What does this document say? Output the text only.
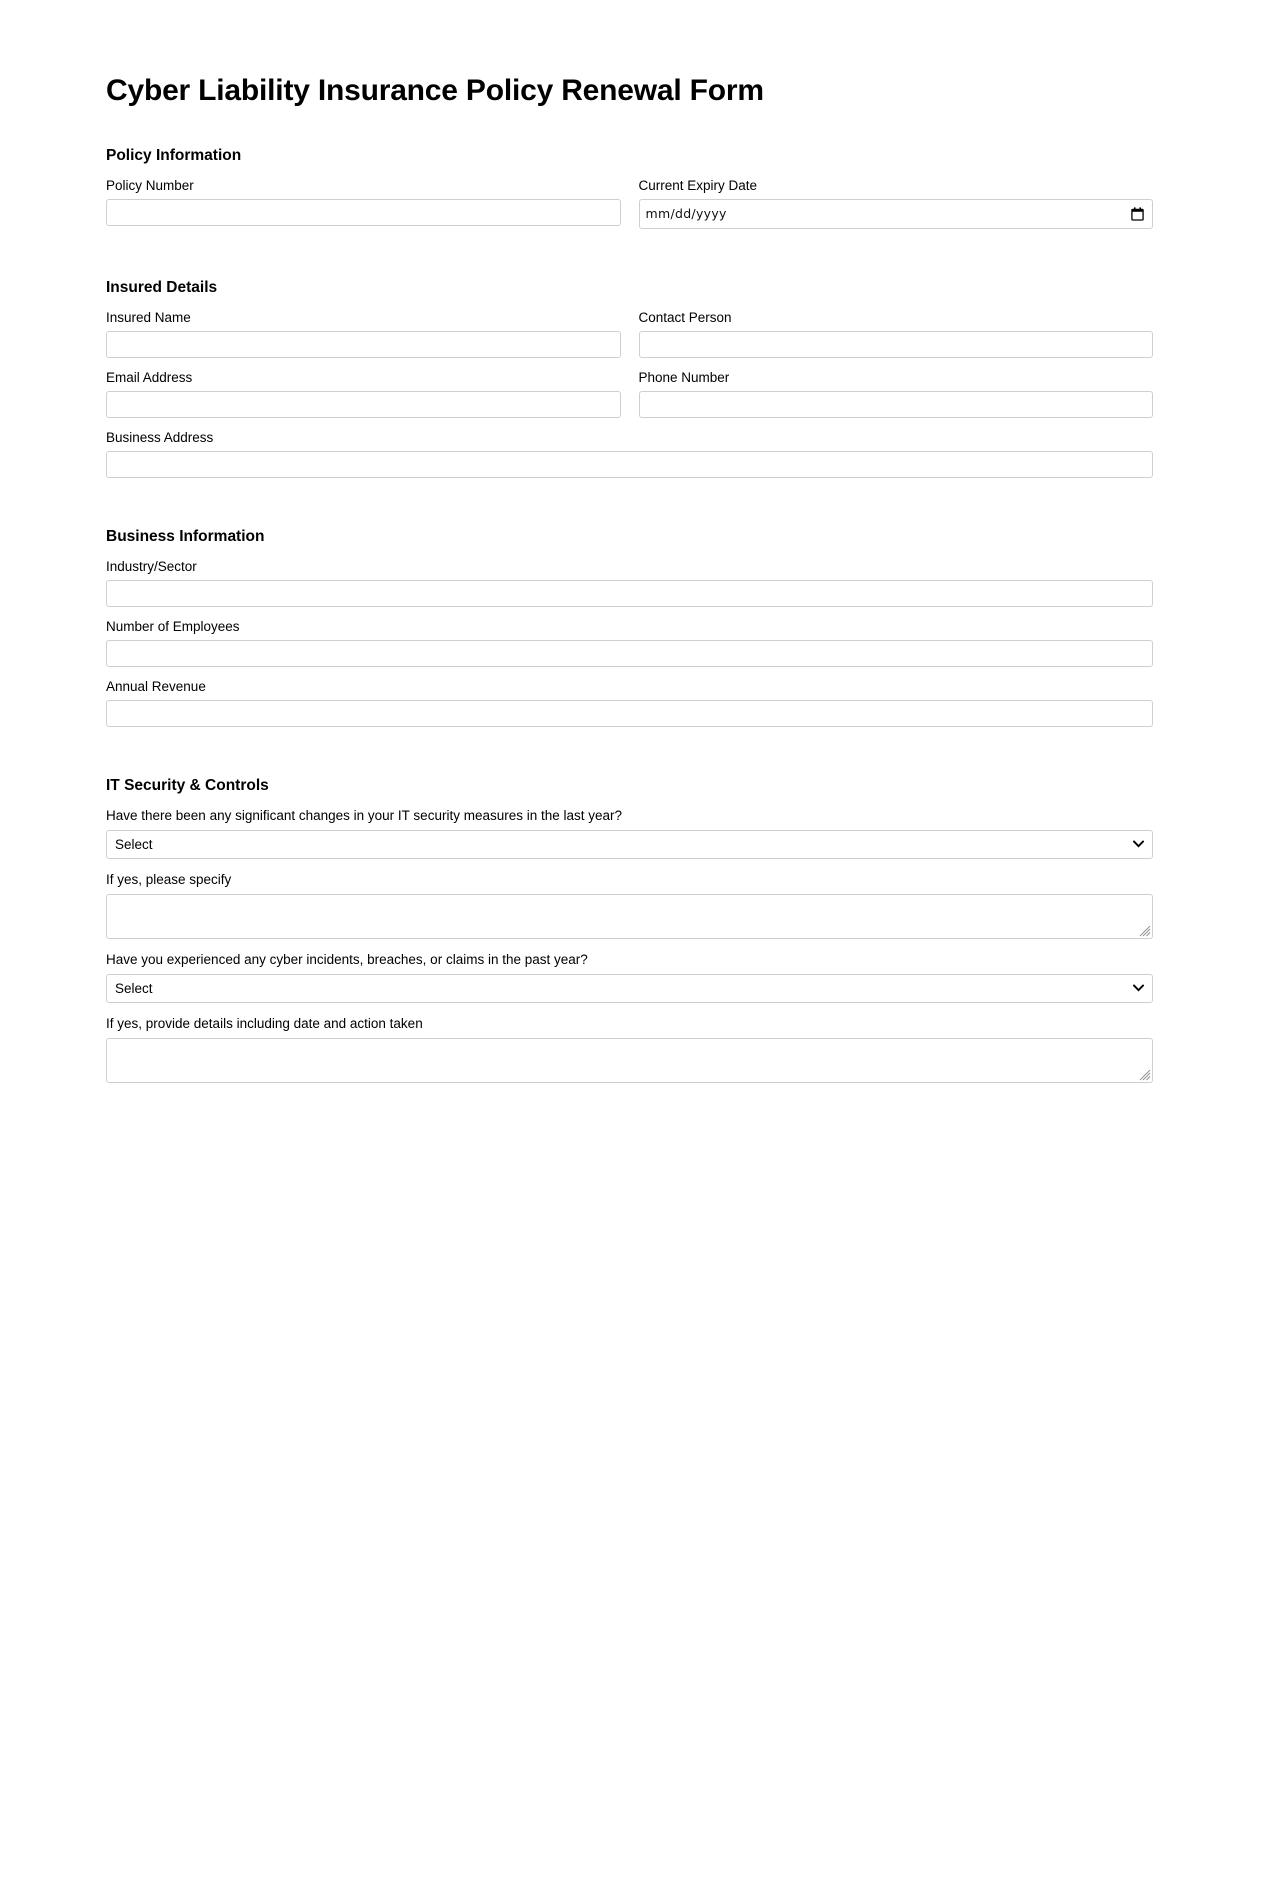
Cyber Liability Insurance Policy Renewal Form
Policy Information
Policy Number	Current Expiry Date
mm/dd/yyyy
Insured Details
Insured Name	Contact Person
Email Address	Phone Number
Business Address
Business Information
Industry/Sector
Number of Employees
Annual Revenue
IT Security & Controls
Have there been any significant changes in your IT security measures in the last year?
Select
If yes, please specify
Have you experienced any cyber incidents, breaches, or claims in the past year?
Select
If yes, provide details including date and action taken
